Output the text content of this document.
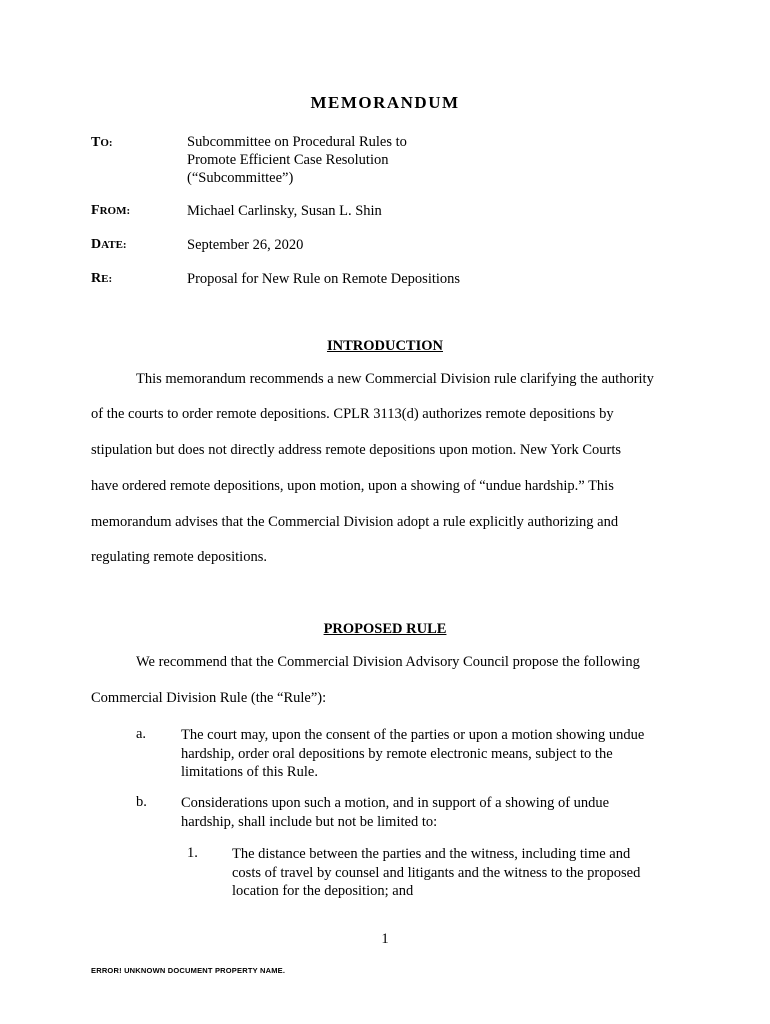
MEMORANDUM
TO:	Subcommittee on Procedural Rules to
Promote Efficient Case Resolution
(“Subcommittee”)
FROM:	Michael Carlinsky, Susan L. Shin
DATE:	September 26, 2020
RE:	Proposal for New Rule on Remote Depositions
INTRODUCTION
This memorandum recommends a new Commercial Division rule clarifying the authority
of the courts to order remote depositions. CPLR 3113(d) authorizes remote depositions by
stipulation but does not directly address remote depositions upon motion. New York Courts
have ordered remote depositions, upon motion, upon a showing of “undue hardship.” This
memorandum advises that the Commercial Division adopt a rule explicitly authorizing and
regulating remote depositions.
PROPOSED RULE
We recommend that the Commercial Division Advisory Council propose the following
Commercial Division Rule (the “Rule”):
a. The court may, upon the consent of the parties or upon a motion showing undue
hardship, order oral depositions by remote electronic means, subject to the
limitations of this Rule.
b. Considerations upon such a motion, and in support of a showing of undue
hardship, shall include but not be limited to:
1. The distance between the parties and the witness, including time and
costs of travel by counsel and litigants and the witness to the proposed
location for the deposition; and
1
ERROR! UNKNOWN DOCUMENT PROPERTY NAME.
